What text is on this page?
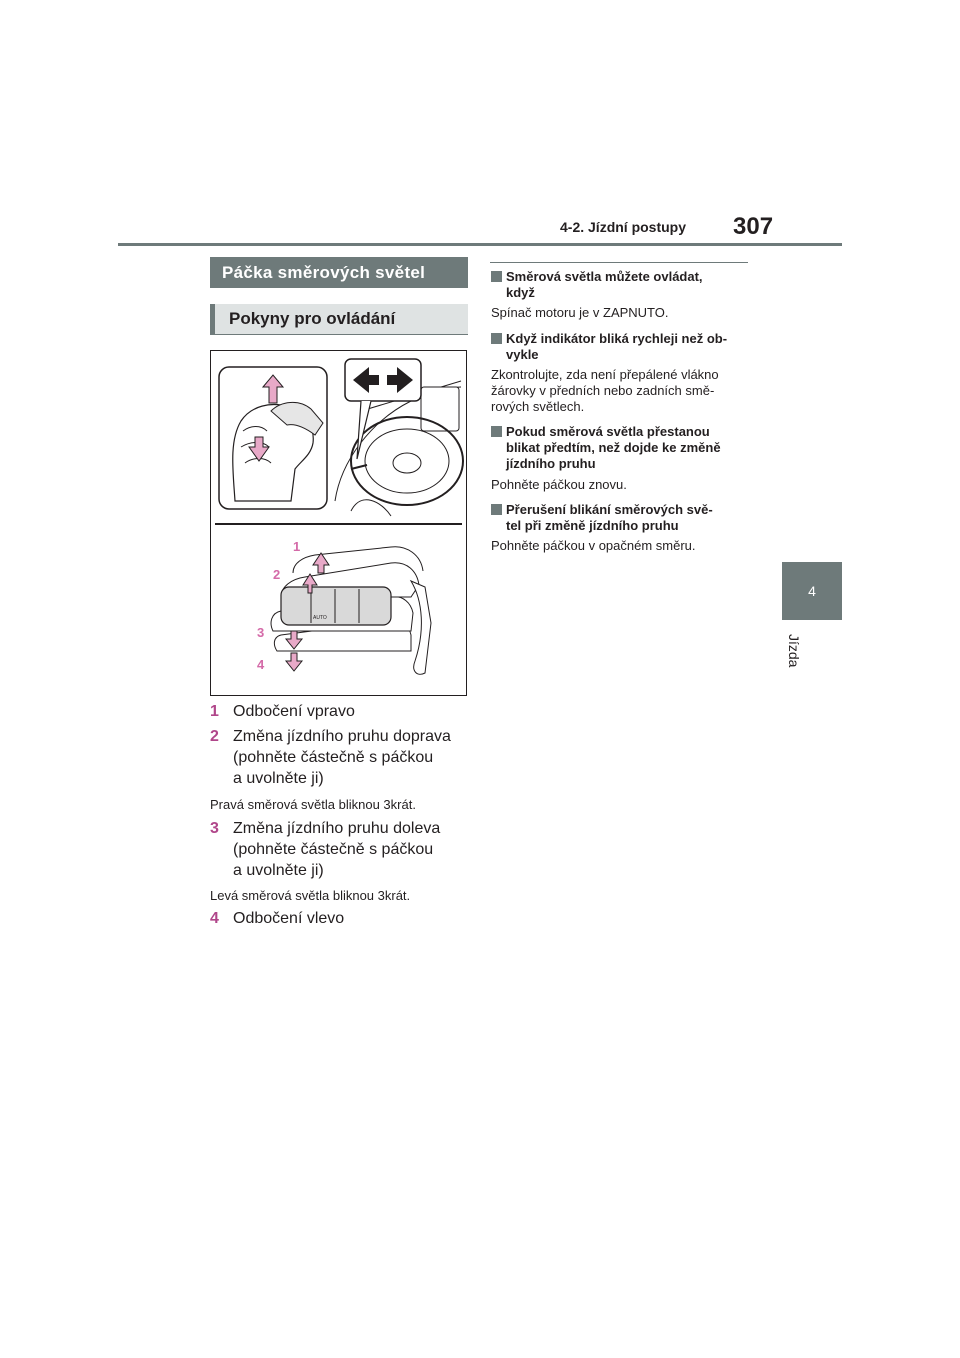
4-2. Jízdní postupy 307
4
Jízda
Páčka směrových světel
Pokyny pro ovládání
AUTO
1
2
3
4
1 Odbočení vpravo
2 Změna jízdního pruhu doprava
(pohněte částečně s páčkou
a uvolněte ji)
Pravá směrová světla bliknou 3krát.
3 Změna jízdního pruhu doleva
(pohněte částečně s páčkou
a uvolněte ji)
Levá směrová světla bliknou 3krát.
4 Odbočení vlevo
Směrová světla můžete ovládat,
když
Spínač motoru je v ZAPNUTO.
Když indikátor bliká rychleji než ob-
vykle
Zkontrolujte, zda není přepálené vlákno
žárovky v předních nebo zadních smě-
rových světlech.
Pokud směrová světla přestanou
blikat předtím, než dojde ke změně
jízdního pruhu
Pohněte páčkou znovu.
Přerušení blikání směrových svě-
tel při změně jízdního pruhu
Pohněte páčkou v opačném směru.
